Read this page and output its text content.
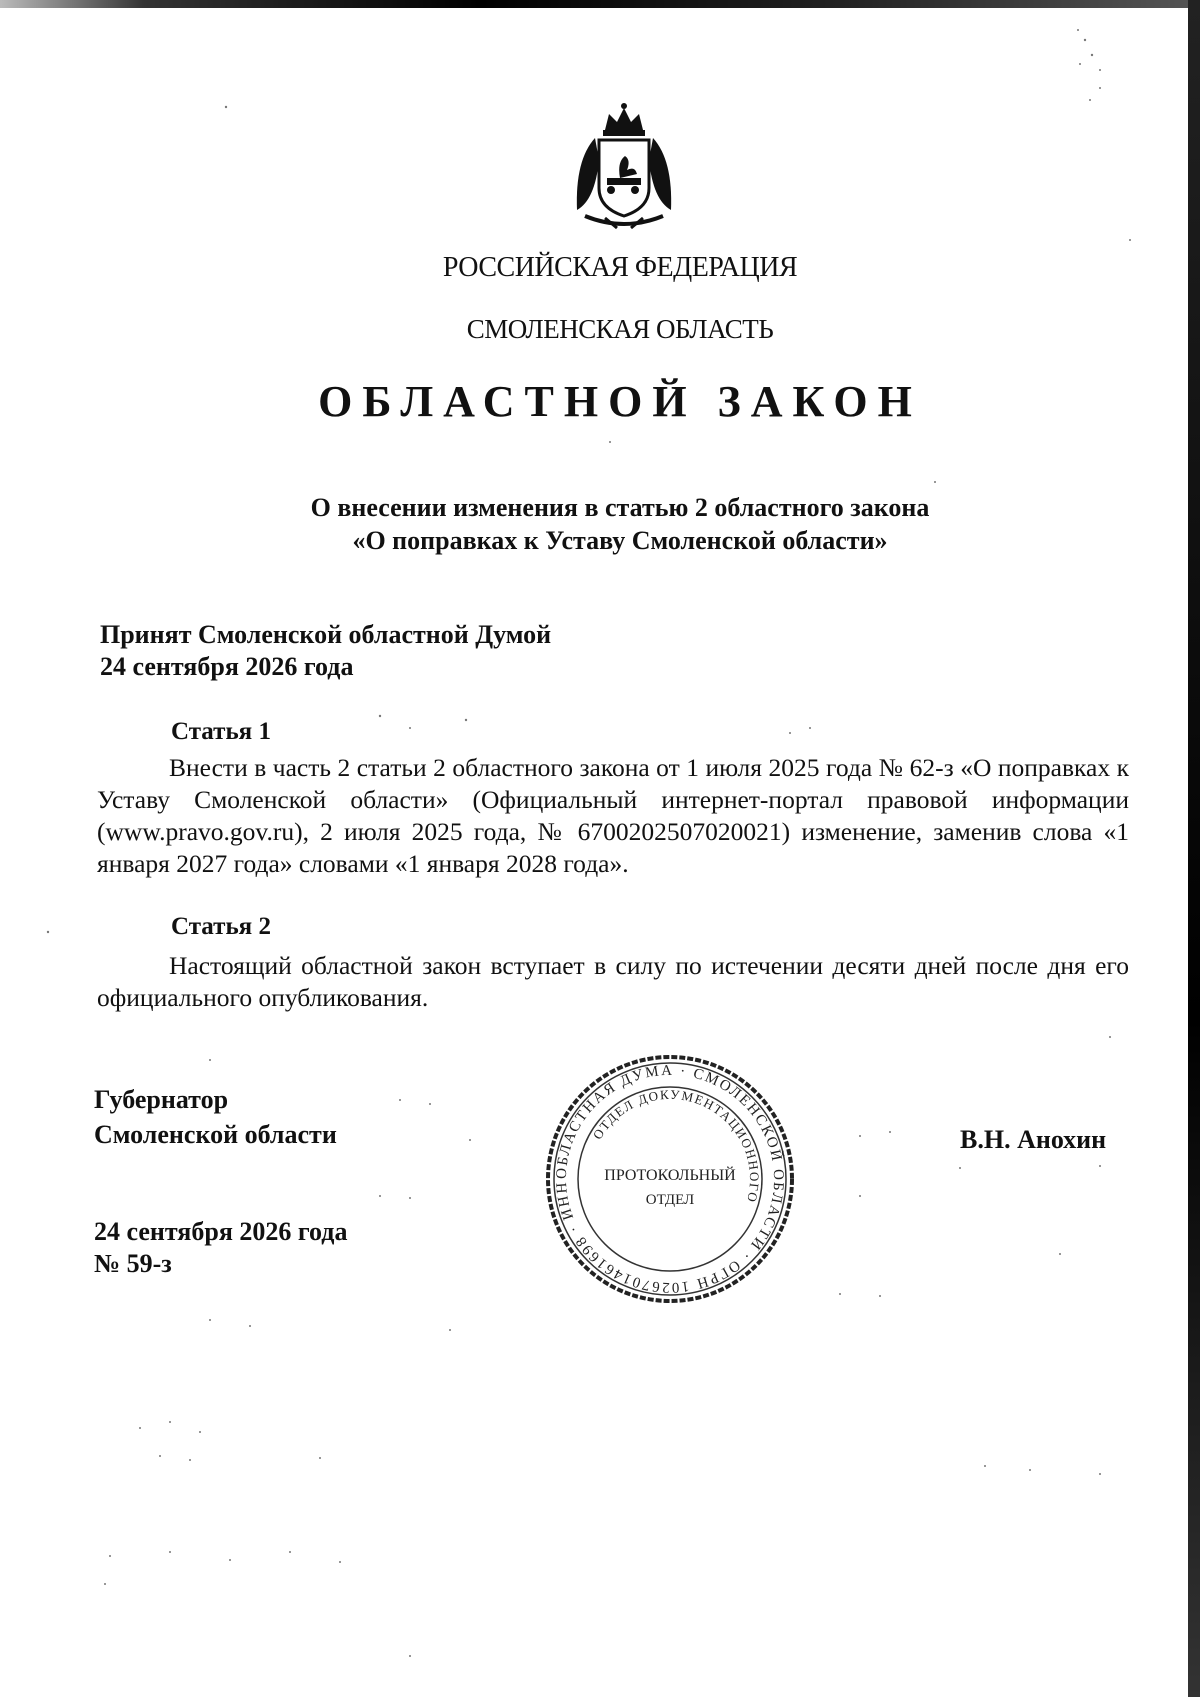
РОССИЙСКАЯ ФЕДЕРАЦИЯ
СМОЛЕНСКАЯ ОБЛАСТЬ
ОБЛАСТНОЙ ЗАКОН
О внесении изменения в статью 2 областного закона
«О поправках к Уставу Смоленской области»
Принят Смоленской областной Думой
24 сентября 2026 года
Статья 1
Внести в часть 2 статьи 2 областного закона от 1 июля 2025 года № 62-з «О поправках к Уставу Смоленской области» (Официальный интернет-портал правовой информации (www.pravo.gov.ru), 2 июля 2025 года, № 6700202507020021) изменение, заменив слова «1 января 2027 года» словами «1 января 2028 года».
Статья 2
Настоящий областной закон вступает в силу по истечении десяти дней после дня его официального опубликования.
Губернатор
Смоленской области	В.Н. Анохин
ОБЛАСТНАЯ ДУМА · СМОЛЕНСКОЙ ОБЛАСТИ · ОГРН 1026701461698 · ИНН
ОТДЕЛ ДОКУМЕНТАЦИОННОГО
ПРОТОКОЛЬНЫЙ
ОТДЕЛ
24 сентября 2026 года
№ 59-з
